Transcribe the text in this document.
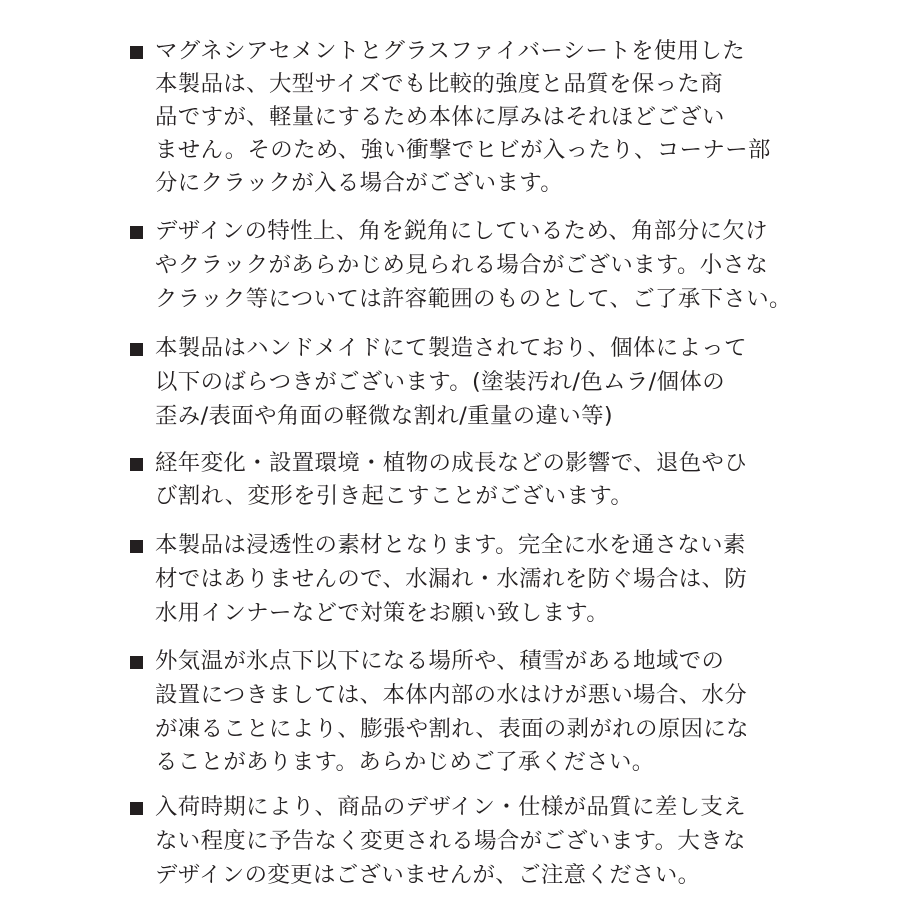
マグネシアセメントとグラスファイバーシートを使用した
本製品は、大型サイズでも比較的強度と品質を保った商
品ですが、軽量にするため本体に厚みはそれほどござい
ません。そのため、強い衝撃でヒビが入ったり、コーナー部
分にクラックが入る場合がございます。
デザインの特性上、角を鋭角にしているため、角部分に欠け
やクラックがあらかじめ見られる場合がございます。小さな
クラック等については許容範囲のものとして、ご了承下さい。
本製品はハンドメイドにて製造されており、個体によって
以下のばらつきがございます。(塗装汚れ/色ムラ/個体の
歪み/表面や角面の軽微な割れ/重量の違い等)
経年変化・設置環境・植物の成長などの影響で、退色やひ
び割れ、変形を引き起こすことがございます。
本製品は浸透性の素材となります。完全に水を通さない素
材ではありませんので、水漏れ・水濡れを防ぐ場合は、防
水用インナーなどで対策をお願い致します。
外気温が氷点下以下になる場所や、積雪がある地域での
設置につきましては、本体内部の水はけが悪い場合、水分
が凍ることにより、膨張や割れ、表面の剥がれの原因にな
ることがあります。あらかじめご了承ください。
入荷時期により、商品のデザイン・仕様が品質に差し支え
ない程度に予告なく変更される場合がございます。大きな
デザインの変更はございませんが、ご注意ください。
